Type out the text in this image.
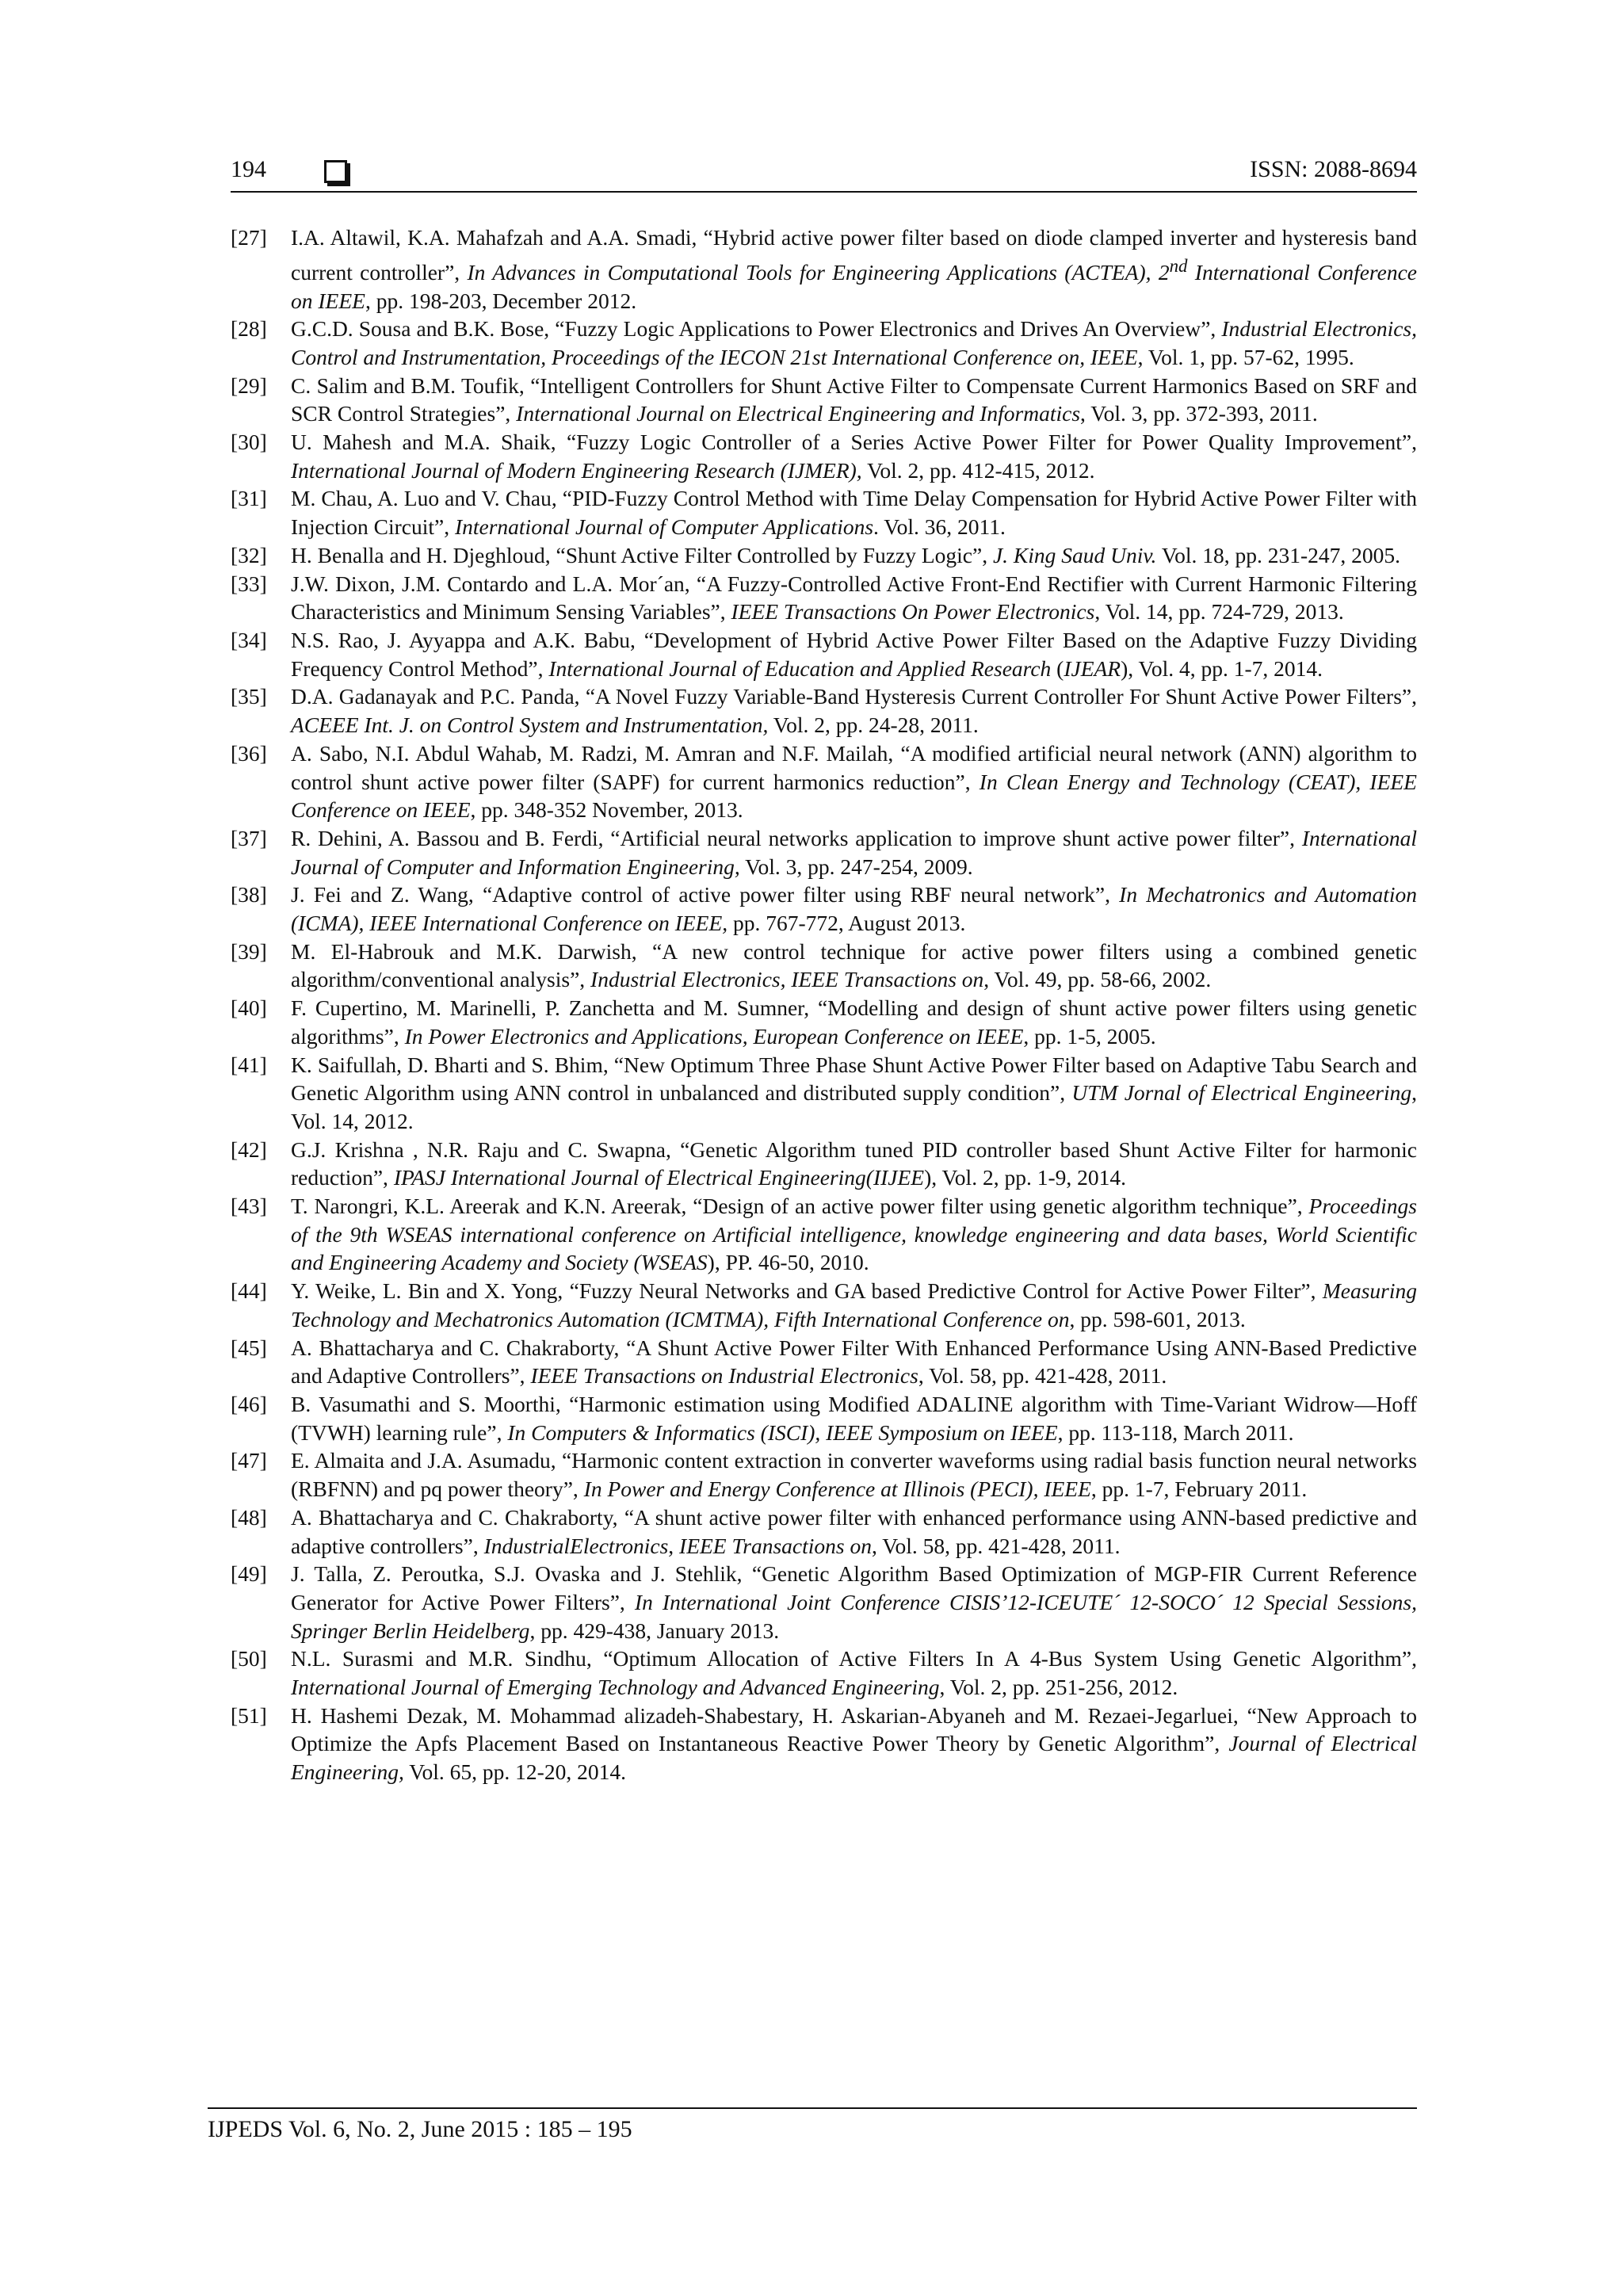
194	ISSN: 2088-8694
[27] I.A. Altawil, K.A. Mahafzah and A.A. Smadi, “Hybrid active power filter based on diode clamped inverter and hysteresis band current controller”, In Advances in Computational Tools for Engineering Applications (ACTEA), 2nd International Conference on IEEE, pp. 198-203, December 2012.
[28] G.C.D. Sousa and B.K. Bose, “Fuzzy Logic Applications to Power Electronics and Drives An Overview”, Industrial Electronics, Control and Instrumentation, Proceedings of the IECON 21st International Conference on, IEEE, Vol. 1, pp. 57-62, 1995.
[29] C. Salim and B.M. Toufik, “Intelligent Controllers for Shunt Active Filter to Compensate Current Harmonics Based on SRF and SCR Control Strategies”, International Journal on Electrical Engineering and Informatics, Vol. 3, pp. 372-393, 2011.
[30] U. Mahesh and M.A. Shaik, “Fuzzy Logic Controller of a Series Active Power Filter for Power Quality Improvement”, International Journal of Modern Engineering Research (IJMER), Vol. 2, pp. 412-415, 2012.
[31] M. Chau, A. Luo and V. Chau, “PID-Fuzzy Control Method with Time Delay Compensation for Hybrid Active Power Filter with Injection Circuit”, International Journal of Computer Applications. Vol. 36, 2011.
[32] H. Benalla and H. Djeghloud, “Shunt Active Filter Controlled by Fuzzy Logic”, J. King Saud Univ. Vol. 18, pp. 231-247, 2005.
[33] J.W. Dixon, J.M. Contardo and L.A. Mor´an, “A Fuzzy-Controlled Active Front-End Rectifier with Current Harmonic Filtering Characteristics and Minimum Sensing Variables”, IEEE Transactions On Power Electronics, Vol. 14, pp. 724-729, 2013.
[34] N.S. Rao, J. Ayyappa and A.K. Babu, “Development of Hybrid Active Power Filter Based on the Adaptive Fuzzy Dividing Frequency Control Method”, International Journal of Education and Applied Research (IJEAR), Vol. 4, pp. 1-7, 2014.
[35] D.A. Gadanayak and P.C. Panda, “A Novel Fuzzy Variable-Band Hysteresis Current Controller For Shunt Active Power Filters”, ACEEE Int. J. on Control System and Instrumentation, Vol. 2, pp. 24-28, 2011.
[36] A. Sabo, N.I. Abdul Wahab, M. Radzi, M. Amran and N.F. Mailah, “A modified artificial neural network (ANN) algorithm to control shunt active power filter (SAPF) for current harmonics reduction”, In Clean Energy and Technology (CEAT), IEEE Conference on IEEE, pp. 348-352 November, 2013.
[37] R. Dehini, A. Bassou and B. Ferdi, “Artificial neural networks application to improve shunt active power filter”, International Journal of Computer and Information Engineering, Vol. 3, pp. 247-254, 2009.
[38] J. Fei and Z. Wang, “Adaptive control of active power filter using RBF neural network”, In Mechatronics and Automation (ICMA), IEEE International Conference on IEEE, pp. 767-772, August 2013.
[39] M. El-Habrouk and M.K. Darwish, “A new control technique for active power filters using a combined genetic algorithm/conventional analysis”, Industrial Electronics, IEEE Transactions on, Vol. 49, pp. 58-66, 2002.
[40] F. Cupertino, M. Marinelli, P. Zanchetta and M. Sumner, “Modelling and design of shunt active power filters using genetic algorithms”, In Power Electronics and Applications, European Conference on IEEE, pp. 1-5, 2005.
[41] K. Saifullah, D. Bharti and S. Bhim, “New Optimum Three Phase Shunt Active Power Filter based on Adaptive Tabu Search and Genetic Algorithm using ANN control in unbalanced and distributed supply condition”, UTM Jornal of Electrical Engineering, Vol. 14, 2012.
[42] G.J. Krishna , N.R. Raju and C. Swapna, “Genetic Algorithm tuned PID controller based Shunt Active Filter for harmonic reduction”, IPASJ International Journal of Electrical Engineering(IIJEE), Vol. 2, pp. 1-9, 2014.
[43] T. Narongri, K.L. Areerak and K.N. Areerak, “Design of an active power filter using genetic algorithm technique”, Proceedings of the 9th WSEAS international conference on Artificial intelligence, knowledge engineering and data bases, World Scientific and Engineering Academy and Society (WSEAS), PP. 46-50, 2010.
[44] Y. Weike, L. Bin and X. Yong, “Fuzzy Neural Networks and GA based Predictive Control for Active Power Filter”, Measuring Technology and Mechatronics Automation (ICMTMA), Fifth International Conference on, pp. 598-601, 2013.
[45] A. Bhattacharya and C. Chakraborty, “A Shunt Active Power Filter With Enhanced Performance Using ANN-Based Predictive and Adaptive Controllers”, IEEE Transactions on Industrial Electronics, Vol. 58, pp. 421-428, 2011.
[46] B. Vasumathi and S. Moorthi, “Harmonic estimation using Modified ADALINE algorithm with Time-Variant Widrow—Hoff (TVWH) learning rule”, In Computers & Informatics (ISCI), IEEE Symposium on IEEE, pp. 113-118, March 2011.
[47] E. Almaita and J.A. Asumadu, “Harmonic content extraction in converter waveforms using radial basis function neural networks (RBFNN) and pq power theory”, In Power and Energy Conference at Illinois (PECI), IEEE, pp. 1-7, February 2011.
[48] A. Bhattacharya and C. Chakraborty, “A shunt active power filter with enhanced performance using ANN-based predictive and adaptive controllers”, IndustrialElectronics, IEEE Transactions on, Vol. 58, pp. 421-428, 2011.
[49] J. Talla, Z. Peroutka, S.J. Ovaska and J. Stehlik, “Genetic Algorithm Based Optimization of MGP-FIR Current Reference Generator for Active Power Filters”, In International Joint Conference CISIS’12-ICEUTE´ 12-SOCO´ 12 Special Sessions, Springer Berlin Heidelberg, pp. 429-438, January 2013.
[50] N.L. Surasmi and M.R. Sindhu, “Optimum Allocation of Active Filters In A 4-Bus System Using Genetic Algorithm”, International Journal of Emerging Technology and Advanced Engineering, Vol. 2, pp. 251-256, 2012.
[51] H. Hashemi Dezak, M. Mohammad alizadeh-Shabestary, H. Askarian-Abyaneh and M. Rezaei-Jegarluei, “New Approach to Optimize the Apfs Placement Based on Instantaneous Reactive Power Theory by Genetic Algorithm”, Journal of Electrical Engineering, Vol. 65, pp. 12-20, 2014.
IJPEDS Vol. 6, No. 2, June 2015 : 185 – 195
